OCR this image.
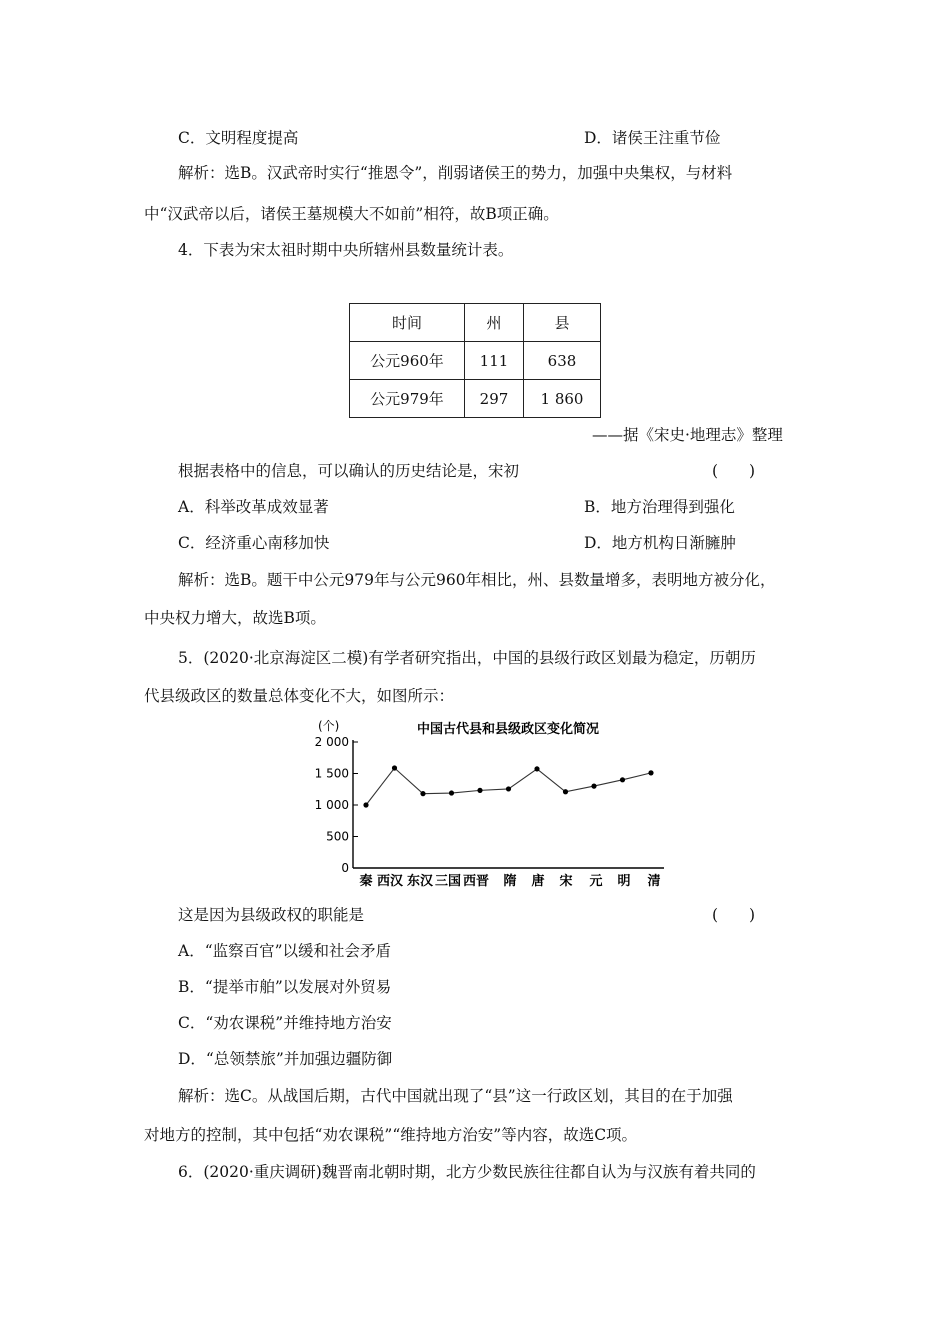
C．文明程度提高	D．诸侯王注重节俭
解析：选B。汉武帝时实行“推恩令”，削弱诸侯王的势力，加强中央集权，与材料
中“汉武帝以后，诸侯王墓规模大不如前”相符，故B项正确。
4．下表为宋太祖时期中央所辖州县数量统计表。
时间	州	县
公元960年	111	638
公元979年	297	1 860
——据《宋史·地理志》整理
根据表格中的信息，可以确认的历史结论是，宋初	(　　)
A．科举改革成效显著	B．地方治理得到强化
C．经济重心南移加快	D．地方机构日渐臃肿
解析：选B。题干中公元979年与公元960年相比，州、县数量增多，表明地方被分化，
中央权力增大，故选B项。
5．(2020·北京海淀区二模)有学者研究指出，中国的县级行政区划最为稳定，历朝历
代县级政区的数量总体变化不大，如图所示：
中国古代县和县级政区变化简况
(个)
0
500
1 000
1 500
2 000
秦 西汉 东汉 三国 西晋 隋 唐 宋 元 明 清
这是因为县级政权的职能是	(　　)
A．“监察百官”以缓和社会矛盾
B．“提举市舶”以发展对外贸易
C．“劝农课税”并维持地方治安
D．“总领禁旅”并加强边疆防御
解析：选C。从战国后期，古代中国就出现了“县”这一行政区划，其目的在于加强
对地方的控制，其中包括“劝农课税”“维持地方治安”等内容，故选C项。
6．(2020·重庆调研)魏晋南北朝时期，北方少数民族往往都自认为与汉族有着共同的
